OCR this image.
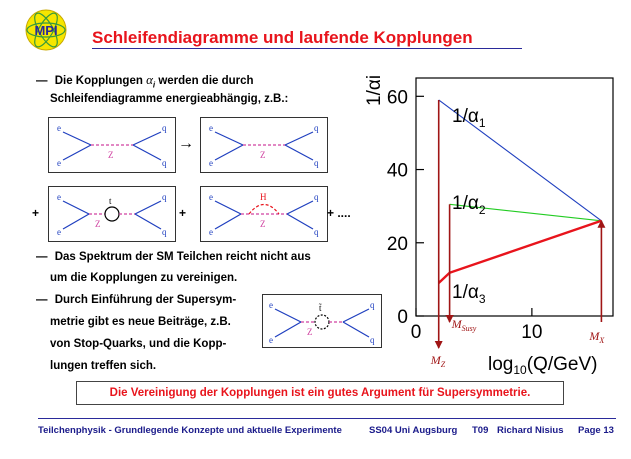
MPI Schleifendiagramme und laufende Kopplungen
— Die Kopplungen $\alpha_i$ werden die durch
Schleifendiagramme energieabhängig, z.B.:
e
e
q
q
Z
→
e
e
q
q
Z
+
e
e
q
q
t
Z
+
e
e
q
q
H
Z
+ ....
— Das Spektrum der SM Teilchen reicht nicht aus
um die Kopplungen zu vereinigen.
— Durch Einführung der Supersym-
metrie gibt es neue Beiträge, z.B.
von Stop-Quarks, und die Kopp-
lungen treffen sich.
e
e
q
q
t̃
Z
0
20
40
60
0	10
$M_Z$
$M_{Susy}$
$M_X$
1/αi
$\log_{10}(Q/GeV)$
$1/\alpha_1$
$1/\alpha_2$
$1/\alpha_3$
Die Vereinigung der Kopplungen ist ein gutes Argument für Supersymmetrie.
Teilchenphysik - Grundlegende Konzepte und aktuelle Experimente	SS04 Uni Augsburg T09 Richard Nisius Page 13
